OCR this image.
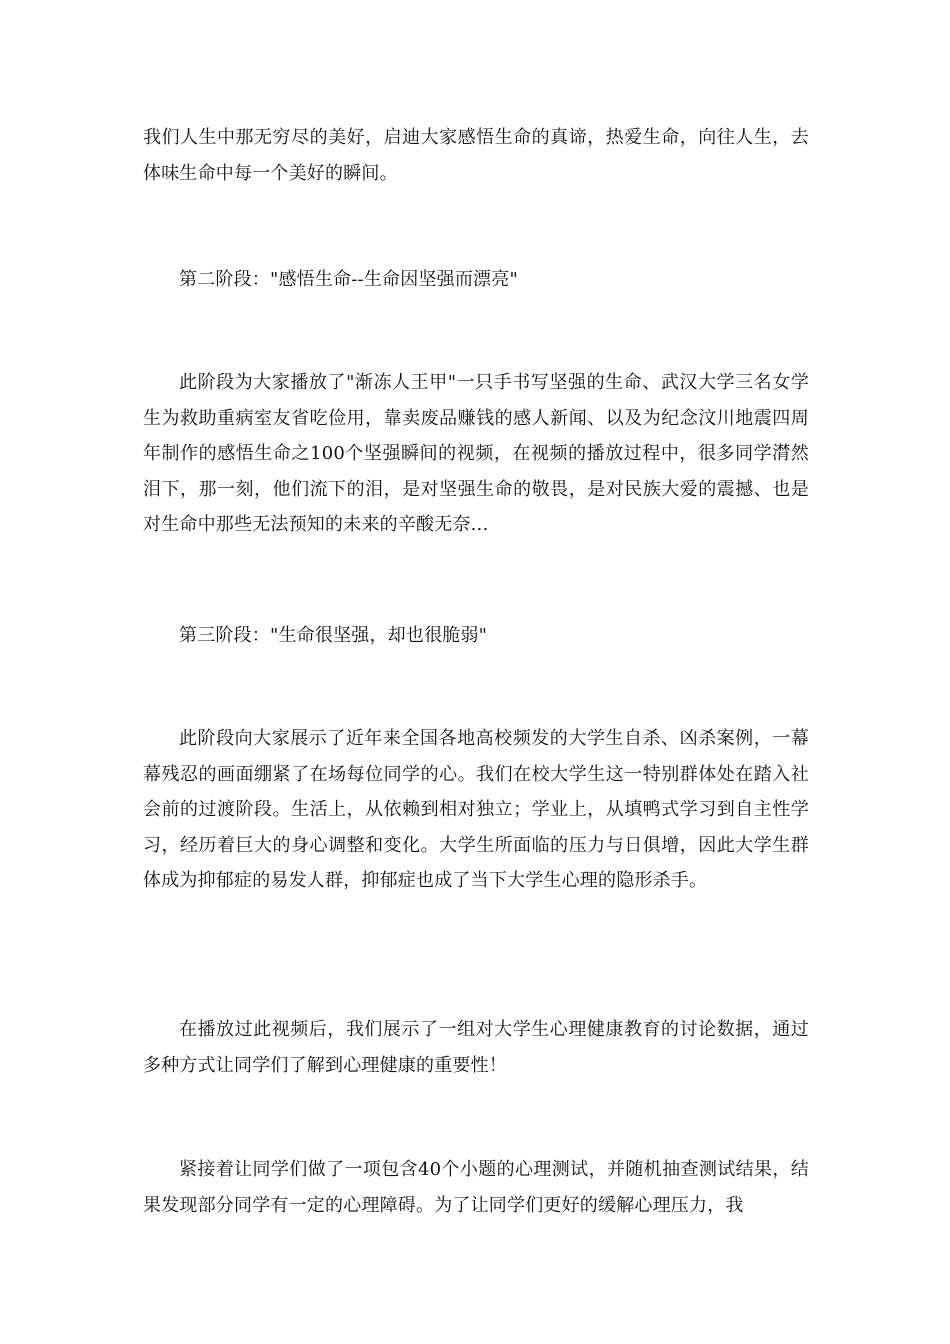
我们人生中那无穷尽的美好，启迪大家感悟生命的真谛，热爱生命，向往人生，去体味生命中每一个美好的瞬间。

第二阶段："感悟生命--生命因坚强而漂亮"

此阶段为大家播放了"渐冻人王甲"一只手书写坚强的生命、武汉大学三名女学生为救助重病室友省吃俭用，靠卖废品赚钱的感人新闻、以及为纪念汶川地震四周年制作的感悟生命之100个坚强瞬间的视频，在视频的播放过程中，很多同学潸然泪下，那一刻，他们流下的泪，是对坚强生命的敬畏，是对民族大爱的震撼、也是对生命中那些无法预知的未来的辛酸无奈...

第三阶段："生命很坚强，却也很脆弱"

此阶段向大家展示了近年来全国各地高校频发的大学生自杀、凶杀案例，一幕幕残忍的画面绷紧了在场每位同学的心。我们在校大学生这一特别群体处在踏入社会前的过渡阶段。生活上，从依赖到相对独立；学业上，从填鸭式学习到自主性学习，经历着巨大的身心调整和变化。大学生所面临的压力与日俱增，因此大学生群体成为抑郁症的易发人群，抑郁症也成了当下大学生心理的隐形杀手。

在播放过此视频后，我们展示了一组对大学生心理健康教育的讨论数据，通过多种方式让同学们了解到心理健康的重要性！

紧接着让同学们做了一项包含40个小题的心理测试，并随机抽查测试结果，结果发现部分同学有一定的心理障碍。为了让同学们更好的缓解心理压力，我
